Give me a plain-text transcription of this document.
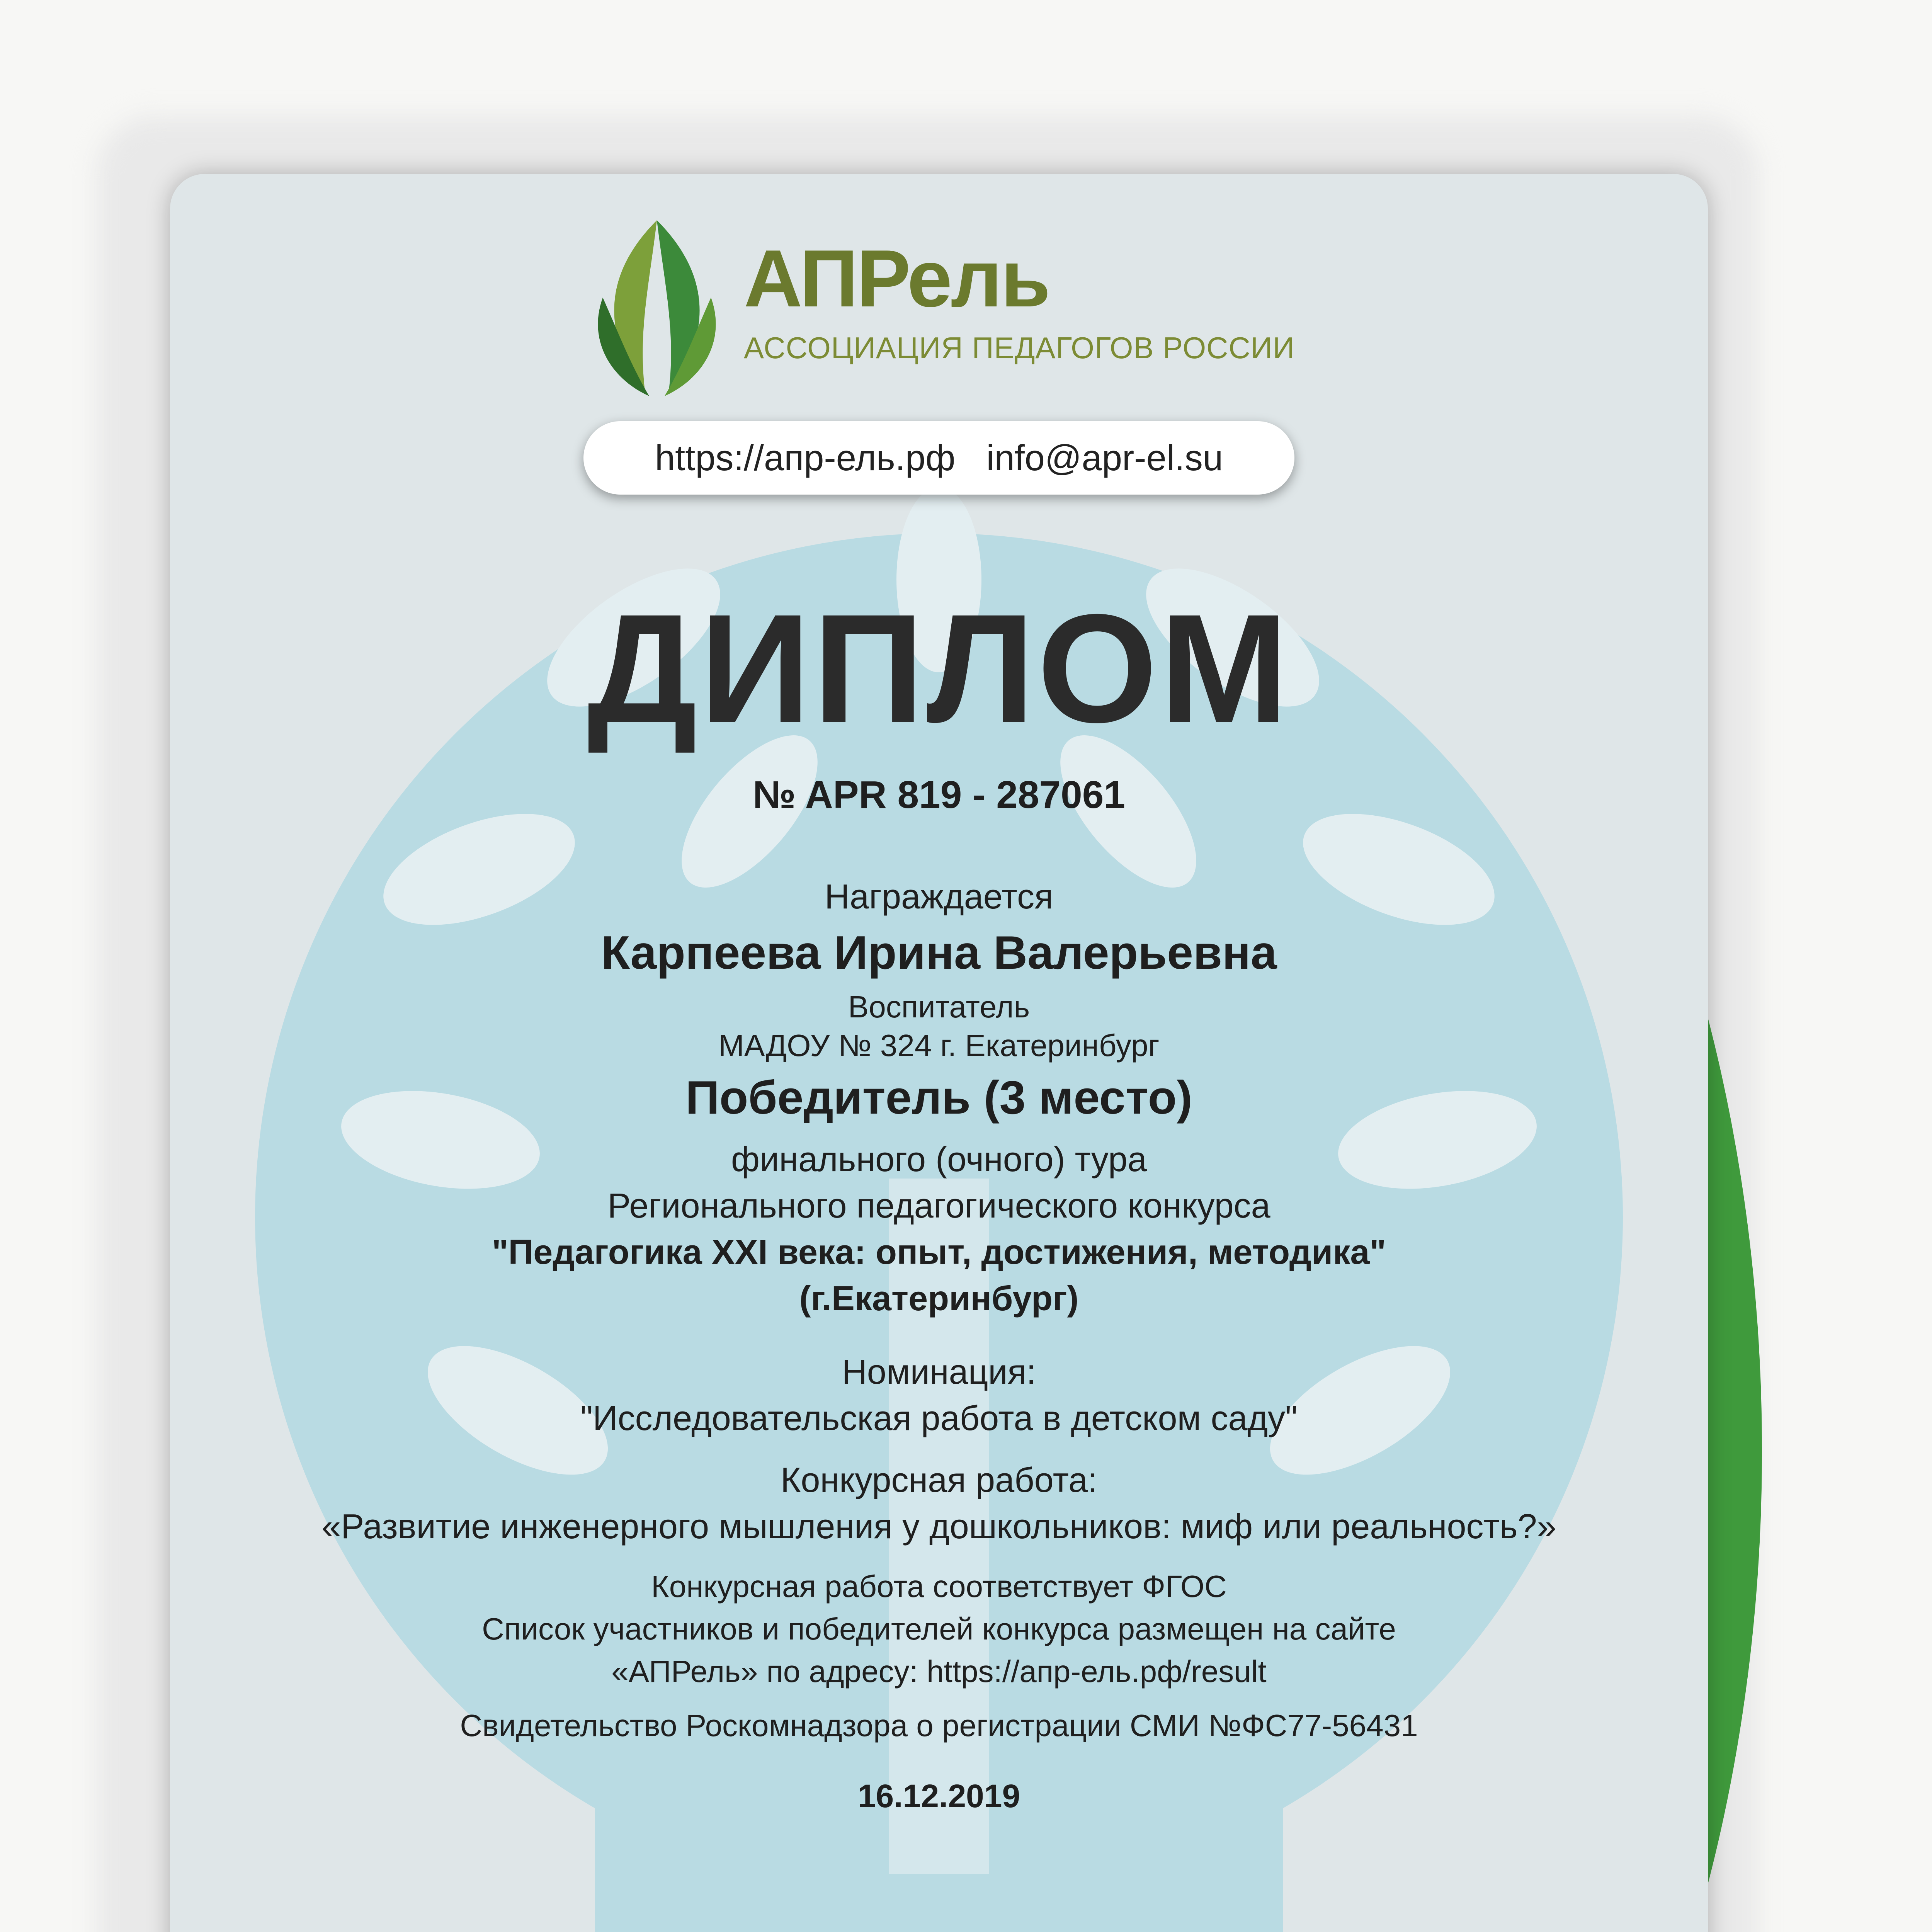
АПРель
АССОЦИАЦИЯ ПЕДАГОГОВ РОССИИ
https://апр-ель.рф info@apr-el.su
ДИПЛОМ
№ APR 819 - 287061
Награждается
Карпеева Ирина Валерьевна
Воспитатель
МАДОУ № 324 г. Екатеринбург
Победитель (3 место)
финального (очного) тура
Регионального педагогического конкурса
"Педагогика XXI века: опыт, достижения, методика"
(г.Екатеринбург)
Номинация:
"Исследовательская работа в детском саду"
Конкурсная работа:
«Развитие инженерного мышления у дошкольников: миф или реальность?»
Конкурсная работа соответствует ФГОС
Список участников и победителей конкурса размещен на сайте
«АПРель» по адресу: https://апр-ель.рф/result
Свидетельство Роскомнадзора о регистрации СМИ №ФС77-56431
16.12.2019
